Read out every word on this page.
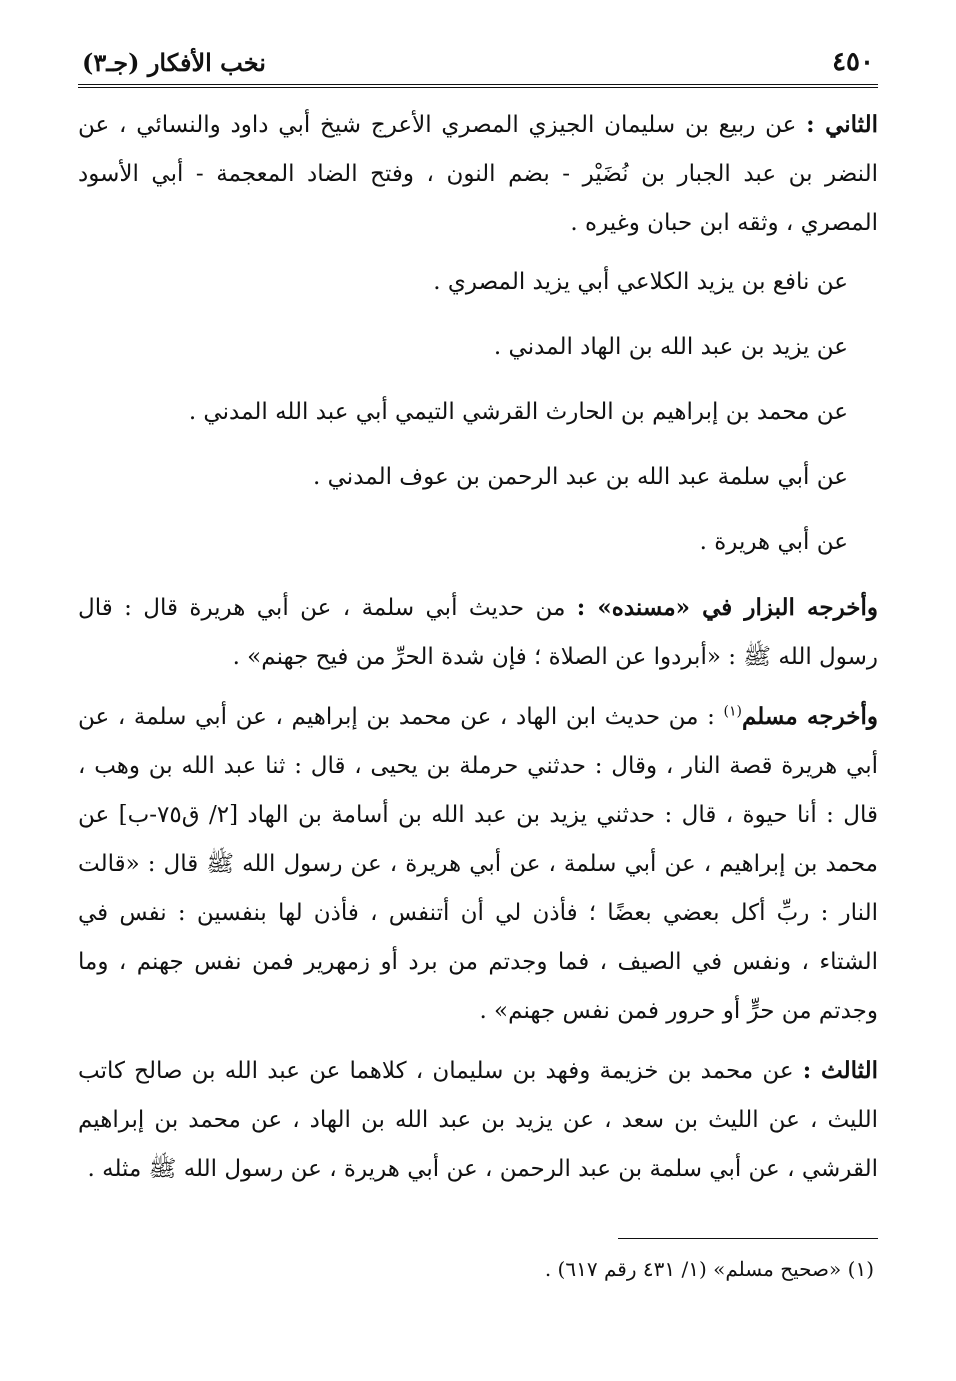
٤٥٠
نخب الأفكار (جـ٣)

الثاني : عن ربيع بن سليمان الجيزي المصري الأعرج شيخ أبي داود والنسائي ، عن النضر بن عبد الجبار بن نُضَيْر - بضم النون ، وفتح الضاد المعجمة - أبي الأسود المصري ، وثقه ابن حبان وغيره .

عن نافع بن يزيد الكلاعي أبي يزيد المصري .
عن يزيد بن عبد الله بن الهاد المدني .
عن محمد بن إبراهيم بن الحارث القرشي التيمي أبي عبد الله المدني .
عن أبي سلمة عبد الله بن عبد الرحمن بن عوف المدني .
عن أبي هريرة .

وأخرجه البزار في «مسنده» : من حديث أبي سلمة ، عن أبي هريرة قال : قال رسول الله ﷺ : «أبردوا عن الصلاة ؛ فإن شدة الحرِّ من فيح جهنم» .

وأخرجه مسلم$^{(١)}$ : من حديث ابن الهاد ، عن محمد بن إبراهيم ، عن أبي سلمة ، عن أبي هريرة قصة النار ، وقال : حدثني حرملة بن يحيى ، قال : ثنا عبد الله بن وهب ، قال : أنا حيوة ، قال : حدثني يزيد بن عبد الله بن أسامة بن الهاد [٢/ ق٧٥-ب] عن محمد بن إبراهيم ، عن أبي سلمة ، عن أبي هريرة ، عن رسول الله ﷺ قال : «قالت النار : ربِّ أكل بعضي بعضًا ؛ فأذن لي أن أتنفس ، فأذن لها بنفسين : نفس في الشتاء ، ونفس في الصيف ، فما وجدتم من برد أو زمهرير فمن نفس جهنم ، وما وجدتم من حرٍّ أو حرور فمن نفس جهنم» .

الثالث : عن محمد بن خزيمة وفهد بن سليمان ، كلاهما عن عبد الله بن صالح كاتب الليث ، عن الليث بن سعد ، عن يزيد بن عبد الله بن الهاد ، عن محمد بن إبراهيم القرشي ، عن أبي سلمة بن عبد الرحمن ، عن أبي هريرة ، عن رسول الله ﷺ مثله .

(١) «صحيح مسلم» (١/ ٤٣١ رقم ٦١٧) .
